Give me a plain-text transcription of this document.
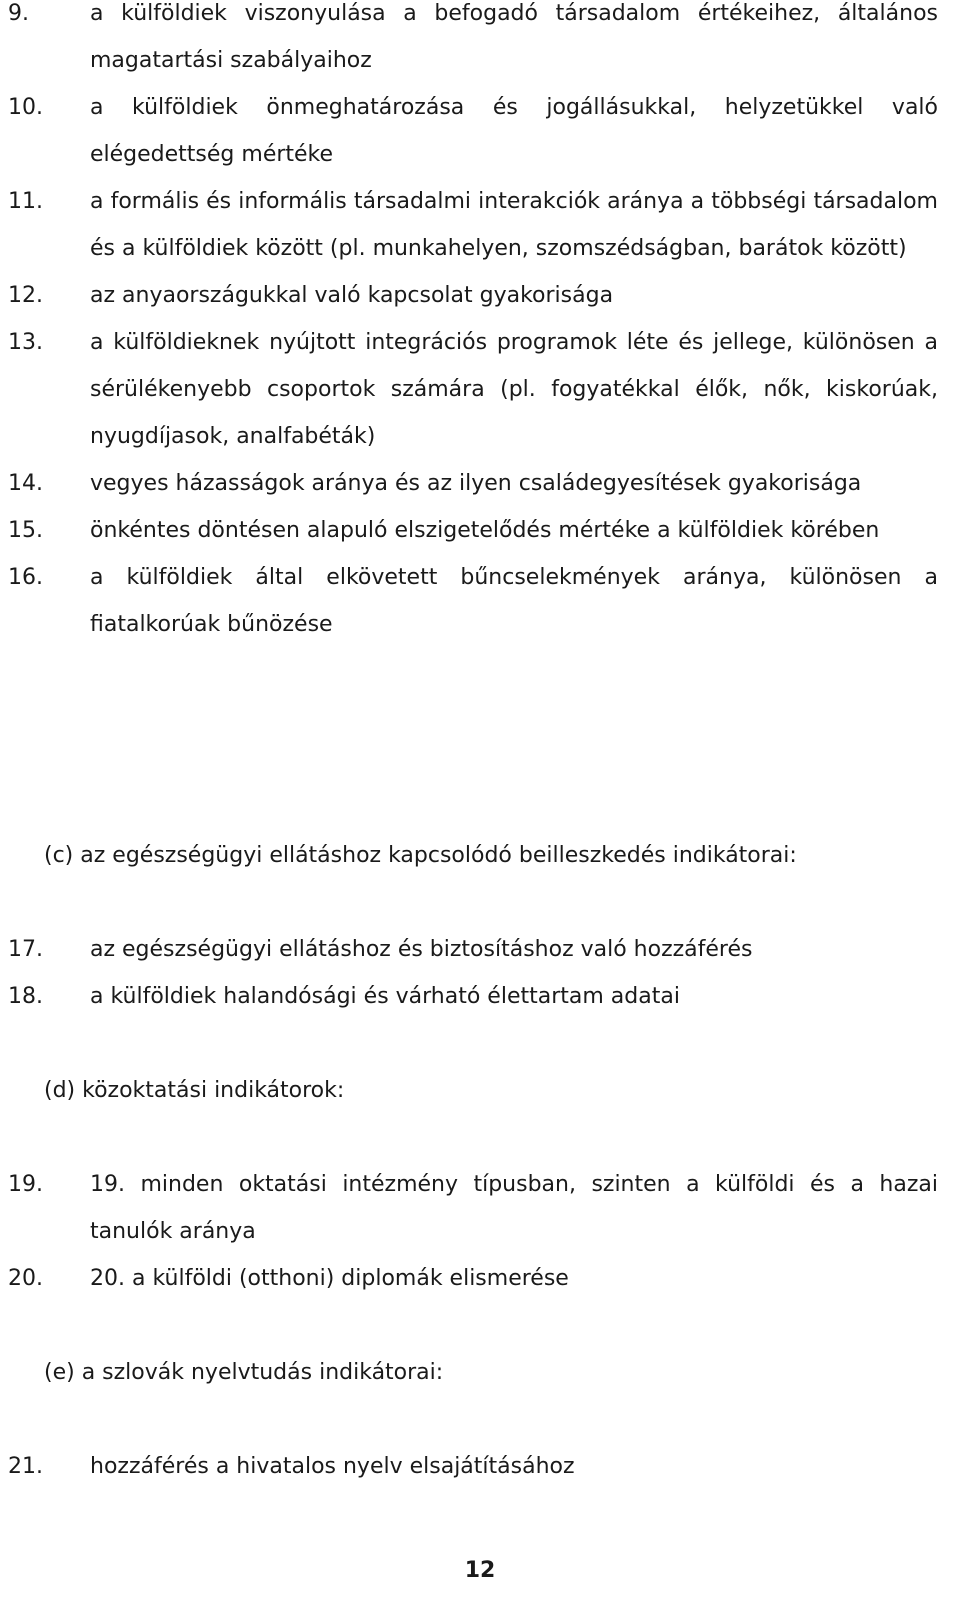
9.	a külföldiek viszonyulása a befogadó társadalom értékeihez, általános magatartási szabályaihoz
10. a külföldiek önmeghatározása és jogállásukkal, helyzetükkel való elégedettség mértéke
11. a formális és informális társadalmi interakciók aránya a többségi társadalom és a külföldiek között (pl. munkahelyen, szomszédságban, barátok között)
12. az anyaországukkal való kapcsolat gyakorisága
13. a külföldieknek nyújtott integrációs programok léte és jellege, különösen a sérülékenyebb csoportok számára (pl. fogyatékkal élők, nők, kiskorúak, nyugdíjasok, analfabéták)
14. vegyes házasságok aránya és az ilyen családegyesítések gyakorisága
15. önkéntes döntésen alapuló elszigetelődés mértéke a külföldiek körében
16. a külföldiek által elkövetett bűncselekmények aránya, különösen a fiatalkorúak bűnözése
(c) az egészségügyi ellátáshoz kapcsolódó beilleszkedés indikátorai:
17. az egészségügyi ellátáshoz és biztosításhoz való hozzáférés
18. a külföldiek halandósági és várható élettartam adatai
(d) közoktatási indikátorok:
19. 19. minden oktatási intézmény típusban, szinten a külföldi és a hazai tanulók aránya
20. 20. a külföldi (otthoni) diplomák elismerése
(e) a szlovák nyelvtudás indikátorai:
21. hozzáférés a hivatalos nyelv elsajátításához
12
